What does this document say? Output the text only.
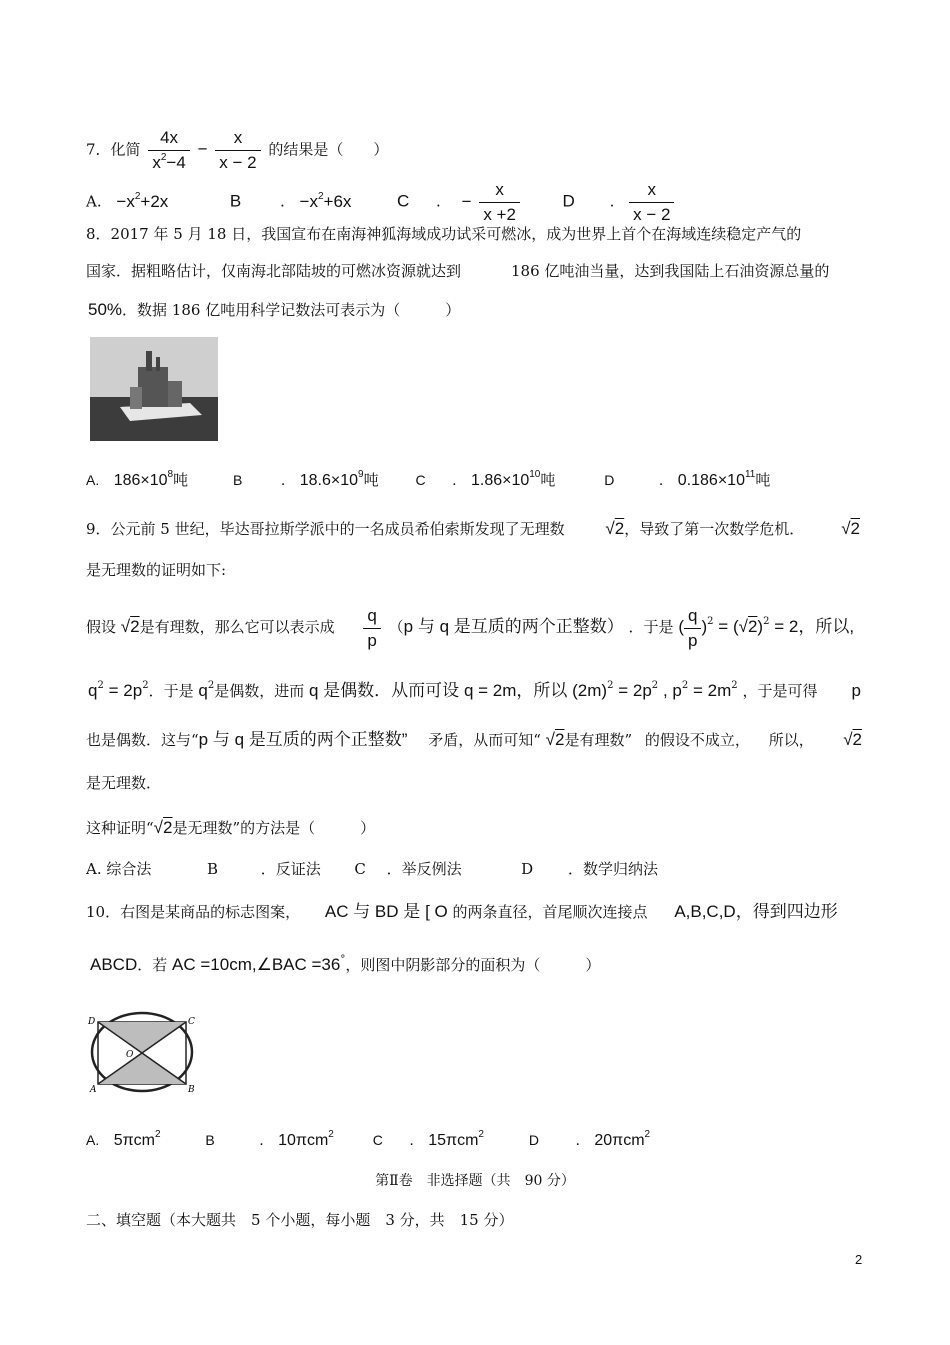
7．化简 $\frac{4x}{x^2-4} - \frac{x}{x - 2}$ 的结果是（　　）
A. $-x^2+2x$	B	. $-x^2+6x$	C . − $\frac{x}{x +2}$	D . $\frac{x}{x - 2}$
8．2017 年 5 月 18 日，我国宣布在南海神狐海域成功试采可燃冰，成为世界上首个在海域连续稳定产气的
国家．据粗略估计，仅南海北部陆坡的可燃冰资源就达到	186 亿吨油当量，达到我国陆上石油资源总量的
50%．数据 186 亿吨用科学记数法可表示为（　　　）
A. $186\times 10^8$吨	B . $18.6\times 10^9$吨	C . $1.86\times 10^{10}$吨	D	. $0.186\times 10^{11}$吨
9．公元前 5 世纪，毕达哥拉斯学派中的一名成员希伯索斯发现了无理数 √2，导致了第一次数学危机． √2
是无理数的证明如下:
假设 √2是有理数，那么它可以表示成 $\frac{q}{p} (p$ 与 q 是互质的两个正整数） ．于是 ( $\frac{q}{p} )^2 = (√2)^2 = 2$，所以,
$q^2 = 2p^2$．于是 $q^2$是偶数，进而 q 是偶数．从而可设 q = 2m，所以 $(2m)^2 = 2p^2$ , $p^2 = 2m^2$ ，于是可得 p
也是偶数．这与“p 与 q 是互质的两个正整数” 矛盾，从而可知“ √2是有理数” 的假设不成立， 所以， √2
是无理数．
这种证明“√2是无理数”的方法是（　　　）
A. 综合法	B	．反证法 C ．举反例法	D ．数学归纳法
10．右图是某商品的标志图案， AC 与 BD 是 [ O 的两条直径，首尾顺次连接点 A,B,C,D，得到四边形
ABCD．若 AC =10cm,∠BAC =36°，则图中阴影部分的面积为（　　　）
D	C
A	B
O
A. 5πcm$^2$	B	. 10πcm$^2$	C . 15πcm$^2$	D . 20πcm$^2$
第Ⅱ卷　非选择题（共　90 分）
二、填空题（本大题共　5 个小题，每小题　3 分，共　15 分）
2
